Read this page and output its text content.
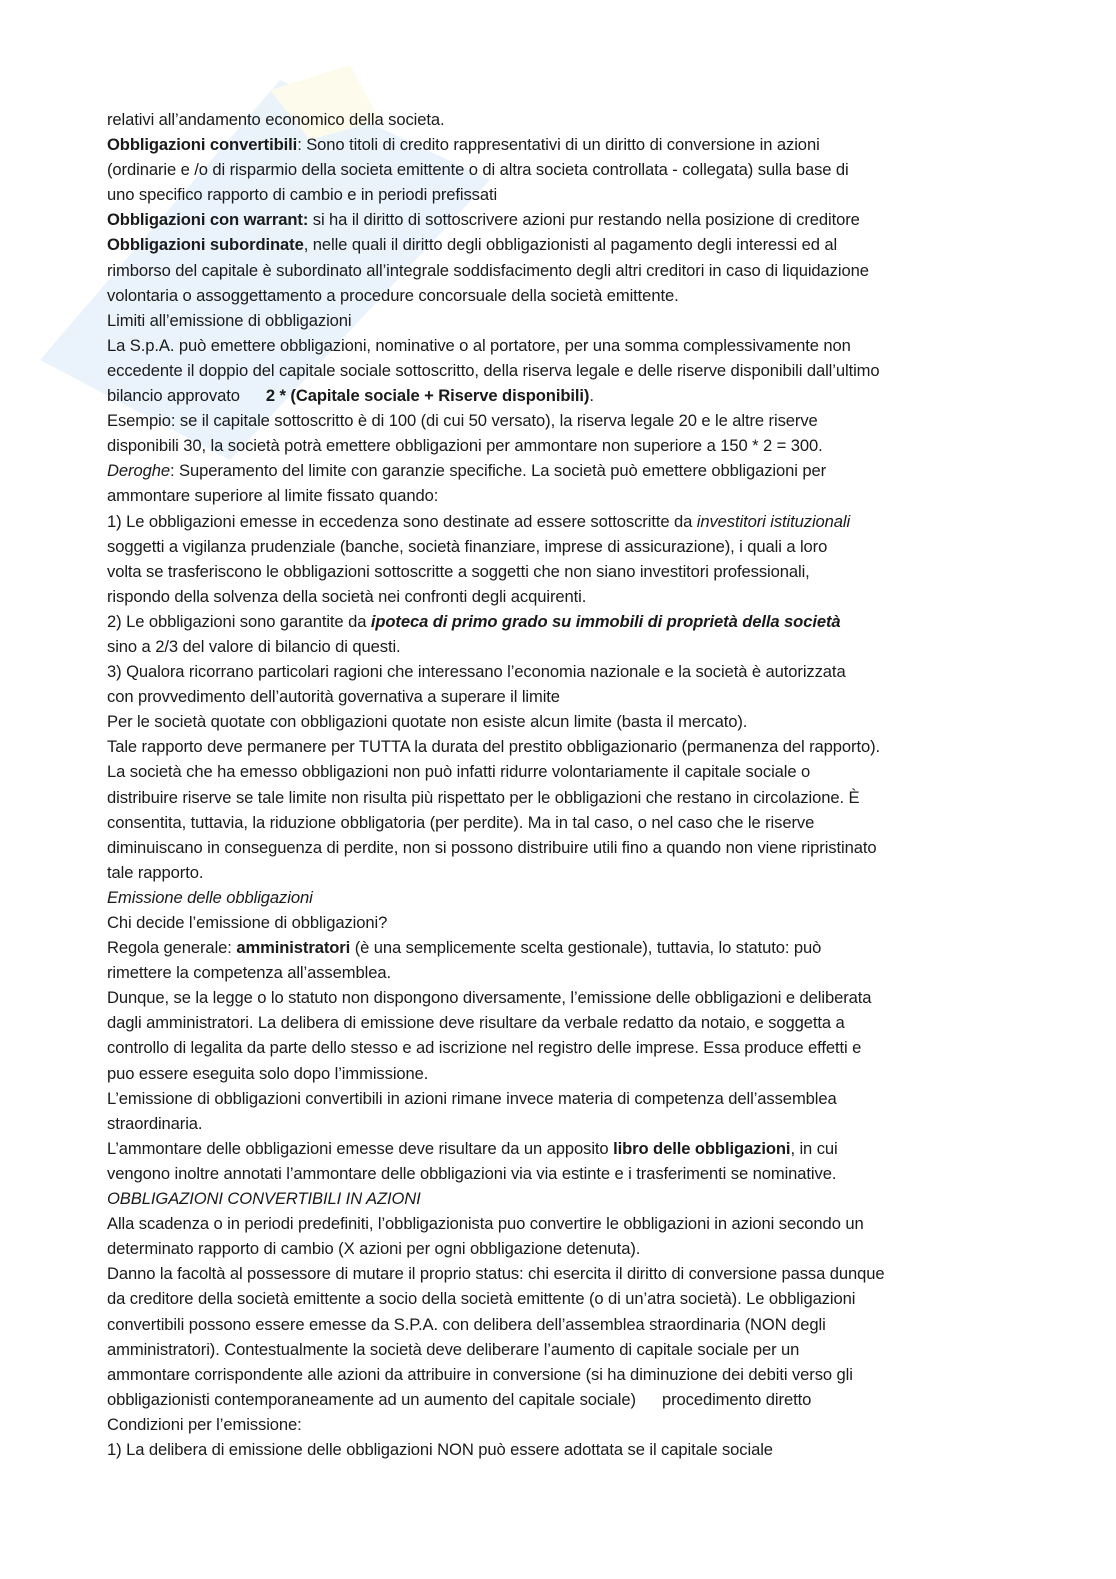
relativi all’andamento economico della societa.
Obbligazioni convertibili: Sono titoli di credito rappresentativi di un diritto di conversione in azioni
(ordinarie e /o di risparmio della societa emittente o di altra societa controllata - collegata) sulla base di
uno specifico rapporto di cambio e in periodi prefissati
Obbligazioni con warrant: si ha il diritto di sottoscrivere azioni pur restando nella posizione di creditore
Obbligazioni subordinate, nelle quali il diritto degli obbligazionisti al pagamento degli interessi ed al
rimborso del capitale è subordinato all’integrale soddisfacimento degli altri creditori in caso di liquidazione
volontaria o assoggettamento a procedure concorsuale della società emittente.
Limiti all’emissione di obbligazioni
La S.p.A. può emettere obbligazioni, nominative o al portatore, per una somma complessivamente non
eccedente il doppio del capitale sociale sottoscritto, della riserva legale e delle riserve disponibili dall’ultimo
bilancio approvato 2 * (Capitale sociale + Riserve disponibili).
Esempio: se il capitale sottoscritto è di 100 (di cui 50 versato), la riserva legale 20 e le altre riserve
disponibili 30, la società potrà emettere obbligazioni per ammontare non superiore a 150 * 2 = 300.
Deroghe: Superamento del limite con garanzie specifiche. La società può emettere obbligazioni per
ammontare superiore al limite fissato quando:
1) Le obbligazioni emesse in eccedenza sono destinate ad essere sottoscritte da investitori istituzionali
soggetti a vigilanza prudenziale (banche, società finanziare, imprese di assicurazione), i quali a loro
volta se trasferiscono le obbligazioni sottoscritte a soggetti che non siano investitori professionali,
rispondo della solvenza della società nei confronti degli acquirenti.
2) Le obbligazioni sono garantite da ipoteca di primo grado su immobili di proprietà della società
sino a 2/3 del valore di bilancio di questi.
3) Qualora ricorrano particolari ragioni che interessano l’economia nazionale e la società è autorizzata
con provvedimento dell’autorità governativa a superare il limite
Per le società quotate con obbligazioni quotate non esiste alcun limite (basta il mercato).
Tale rapporto deve permanere per TUTTA la durata del prestito obbligazionario (permanenza del rapporto).
La società che ha emesso obbligazioni non può infatti ridurre volontariamente il capitale sociale o
distribuire riserve se tale limite non risulta più rispettato per le obbligazioni che restano in circolazione. È
consentita, tuttavia, la riduzione obbligatoria (per perdite). Ma in tal caso, o nel caso che le riserve
diminuiscano in conseguenza di perdite, non si possono distribuire utili fino a quando non viene ripristinato
tale rapporto.
Emissione delle obbligazioni
Chi decide l’emissione di obbligazioni?
Regola generale: amministratori (è una semplicemente scelta gestionale), tuttavia, lo statuto: può
rimettere la competenza all’assemblea.
Dunque, se la legge o lo statuto non dispongono diversamente, l’emissione delle obbligazioni e deliberata
dagli amministratori. La delibera di emissione deve risultare da verbale redatto da notaio, e soggetta a
controllo di legalita da parte dello stesso e ad iscrizione nel registro delle imprese. Essa produce effetti e
puo essere eseguita solo dopo l’immissione.
L’emissione di obbligazioni convertibili in azioni rimane invece materia di competenza dell’assemblea
straordinaria.
L’ammontare delle obbligazioni emesse deve risultare da un apposito libro delle obbligazioni, in cui
vengono inoltre annotati l’ammontare delle obbligazioni via via estinte e i trasferimenti se nominative.
OBBLIGAZIONI CONVERTIBILI IN AZIONI
Alla scadenza o in periodi predefiniti, l’obbligazionista puo convertire le obbligazioni in azioni secondo un
determinato rapporto di cambio (X azioni per ogni obbligazione detenuta).
Danno la facoltà al possessore di mutare il proprio status: chi esercita il diritto di conversione passa dunque
da creditore della società emittente a socio della società emittente (o di un’atra società). Le obbligazioni
convertibili possono essere emesse da S.P.A. con delibera dell’assemblea straordinaria (NON degli
amministratori). Contestualmente la società deve deliberare l’aumento di capitale sociale per un
ammontare corrispondente alle azioni da attribuire in conversione (si ha diminuzione dei debiti verso gli
obbligazionisti contemporaneamente ad un aumento del capitale sociale) procedimento diretto
Condizioni per l’emissione:
1) La delibera di emissione delle obbligazioni NON può essere adottata se il capitale sociale
